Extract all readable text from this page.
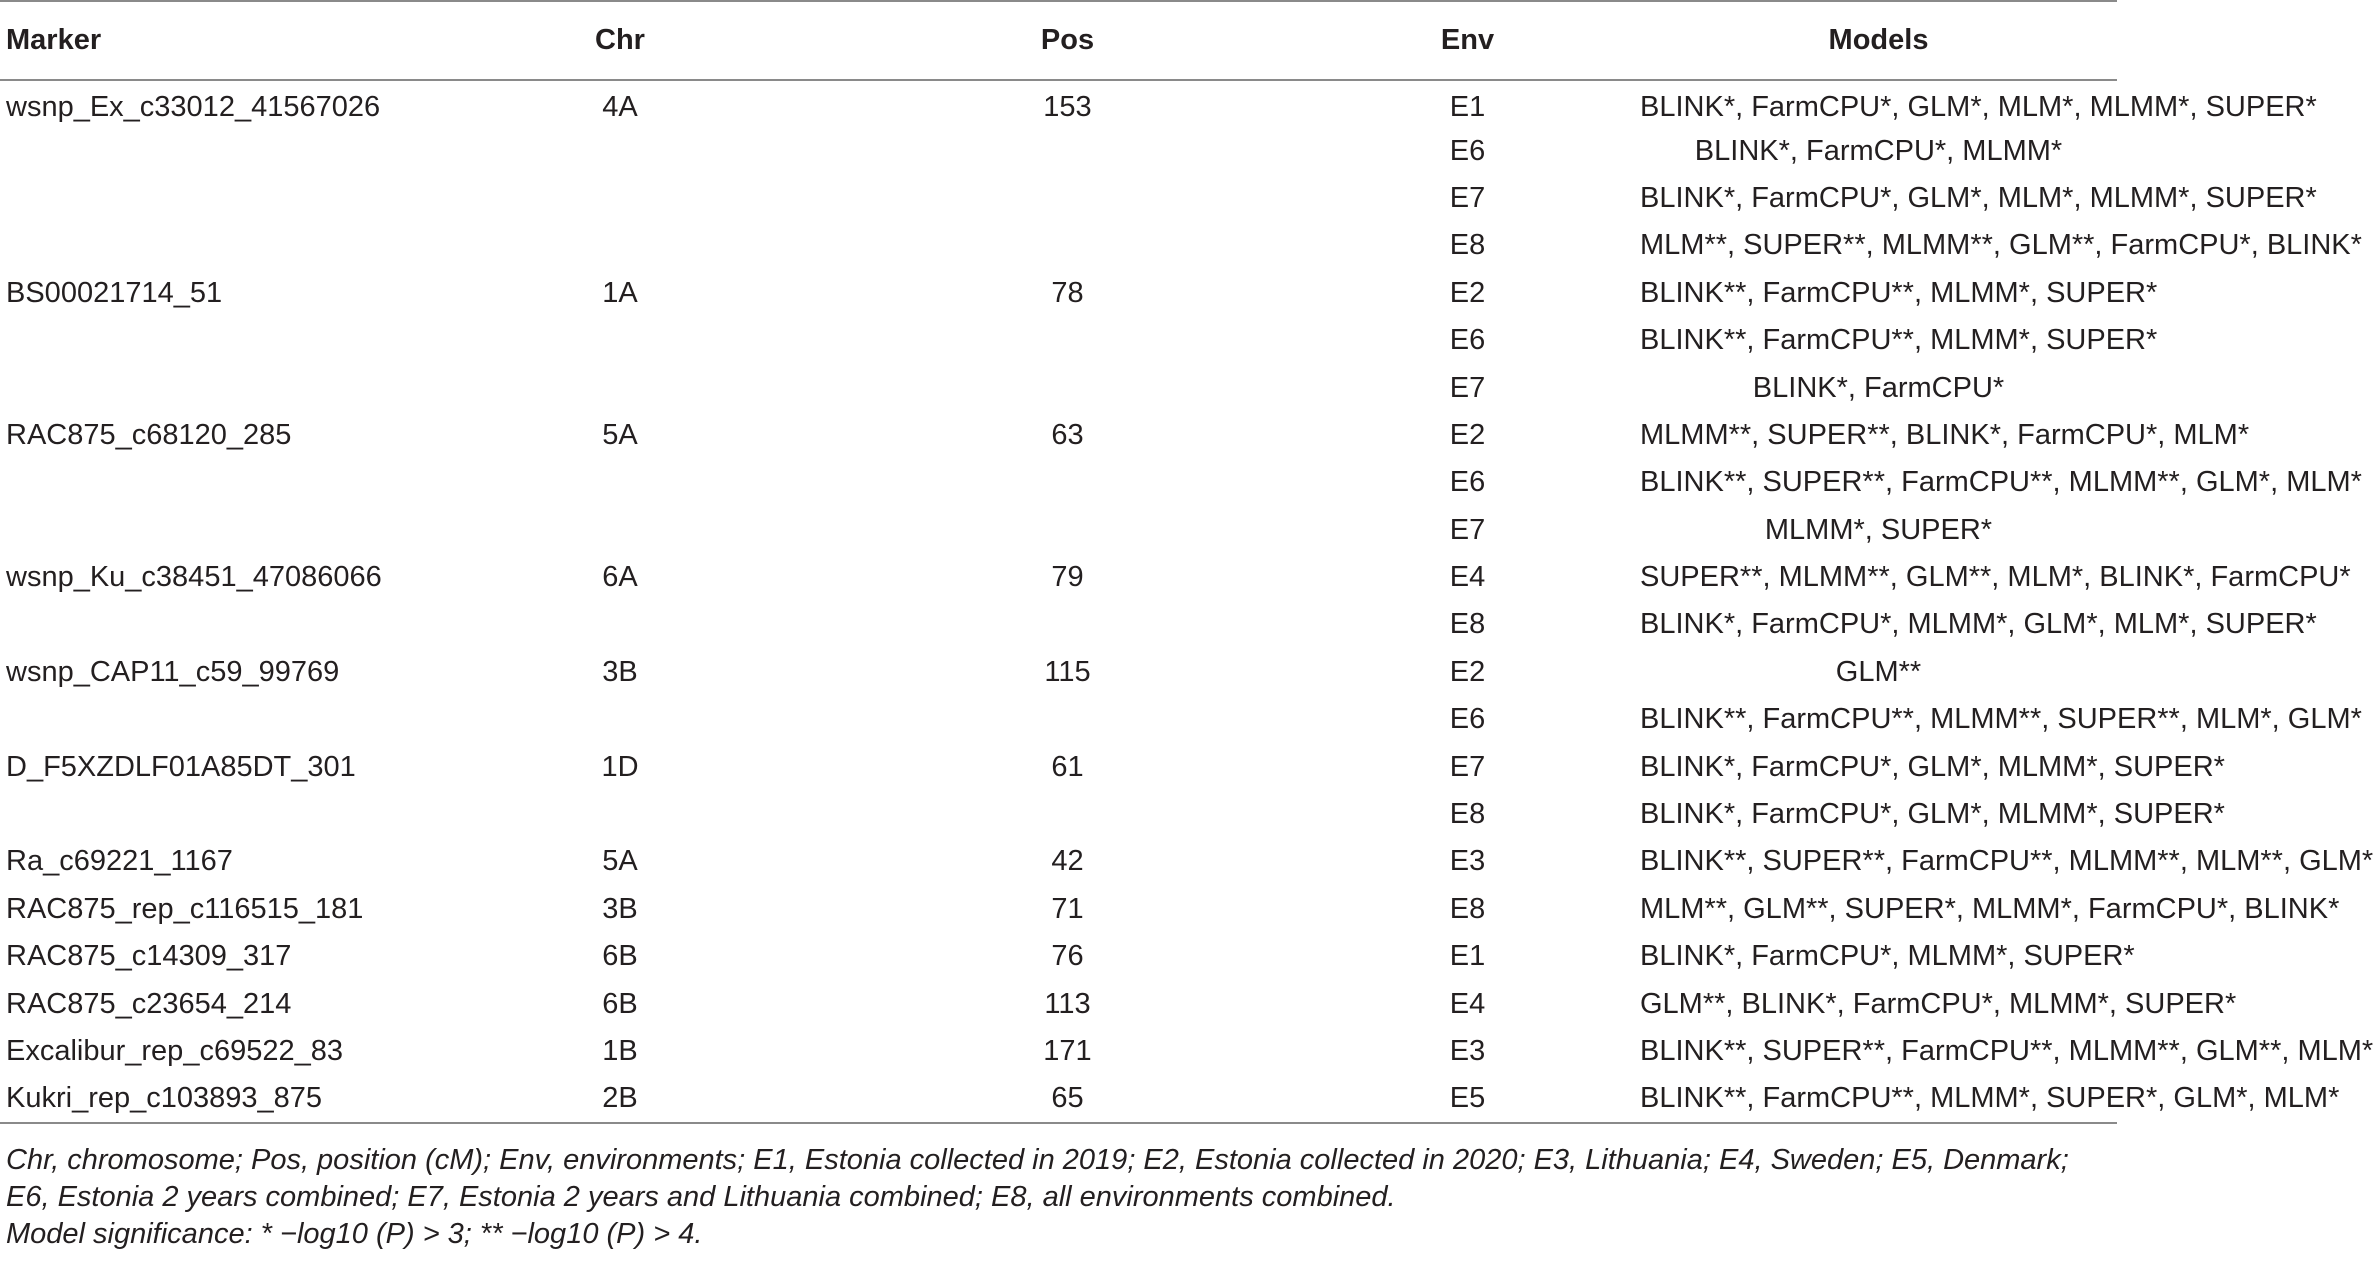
Marker	Chr	Pos	Env	Models
wsnp_Ex_c33012_41567026	4A	153	E1	BLINK*, FarmCPU*, GLM*, MLM*, MLMM*, SUPER*
			E6	BLINK*, FarmCPU*, MLMM*
			E7	BLINK*, FarmCPU*, GLM*, MLM*, MLMM*, SUPER*
			E8	MLM**, SUPER**, MLMM**, GLM**, FarmCPU*, BLINK*
BS00021714_51	1A	78	E2	BLINK**, FarmCPU**, MLMM*, SUPER*
			E6	BLINK**, FarmCPU**, MLMM*, SUPER*
			E7	BLINK*, FarmCPU*
RAC875_c68120_285	5A	63	E2	MLMM**, SUPER**, BLINK*, FarmCPU*, MLM*
			E6	BLINK**, SUPER**, FarmCPU**, MLMM**, GLM*, MLM*
			E7	MLMM*, SUPER*
wsnp_Ku_c38451_47086066	6A	79	E4	SUPER**, MLMM**, GLM**, MLM*, BLINK*, FarmCPU*
			E8	BLINK*, FarmCPU*, MLMM*, GLM*, MLM*, SUPER*
wsnp_CAP11_c59_99769	3B	115	E2	GLM**
			E6	BLINK**, FarmCPU**, MLMM**, SUPER**, MLM*, GLM*
D_F5XZDLF01A85DT_301	1D	61	E7	BLINK*, FarmCPU*, GLM*, MLMM*, SUPER*
			E8	BLINK*, FarmCPU*, GLM*, MLMM*, SUPER*
Ra_c69221_1167	5A	42	E3	BLINK**, SUPER**, FarmCPU**, MLMM**, MLM**, GLM*
RAC875_rep_c116515_181	3B	71	E8	MLM**, GLM**, SUPER*, MLMM*, FarmCPU*, BLINK*
RAC875_c14309_317	6B	76	E1	BLINK*, FarmCPU*, MLMM*, SUPER*
RAC875_c23654_214	6B	113	E4	GLM**, BLINK*, FarmCPU*, MLMM*, SUPER*
Excalibur_rep_c69522_83	1B	171	E3	BLINK**, SUPER**, FarmCPU**, MLMM**, GLM**, MLM*
Kukri_rep_c103893_875	2B	65	E5	BLINK**, FarmCPU**, MLMM*, SUPER*, GLM*, MLM*

Chr, chromosome; Pos, position (cM); Env, environments; E1, Estonia collected in 2019; E2, Estonia collected in 2020; E3, Lithuania; E4, Sweden; E5, Denmark; E6, Estonia 2 years combined; E7, Estonia 2 years and Lithuania combined; E8, all environments combined.

Model significance: * −log10 (P) > 3; ** −log10 (P) > 4.
